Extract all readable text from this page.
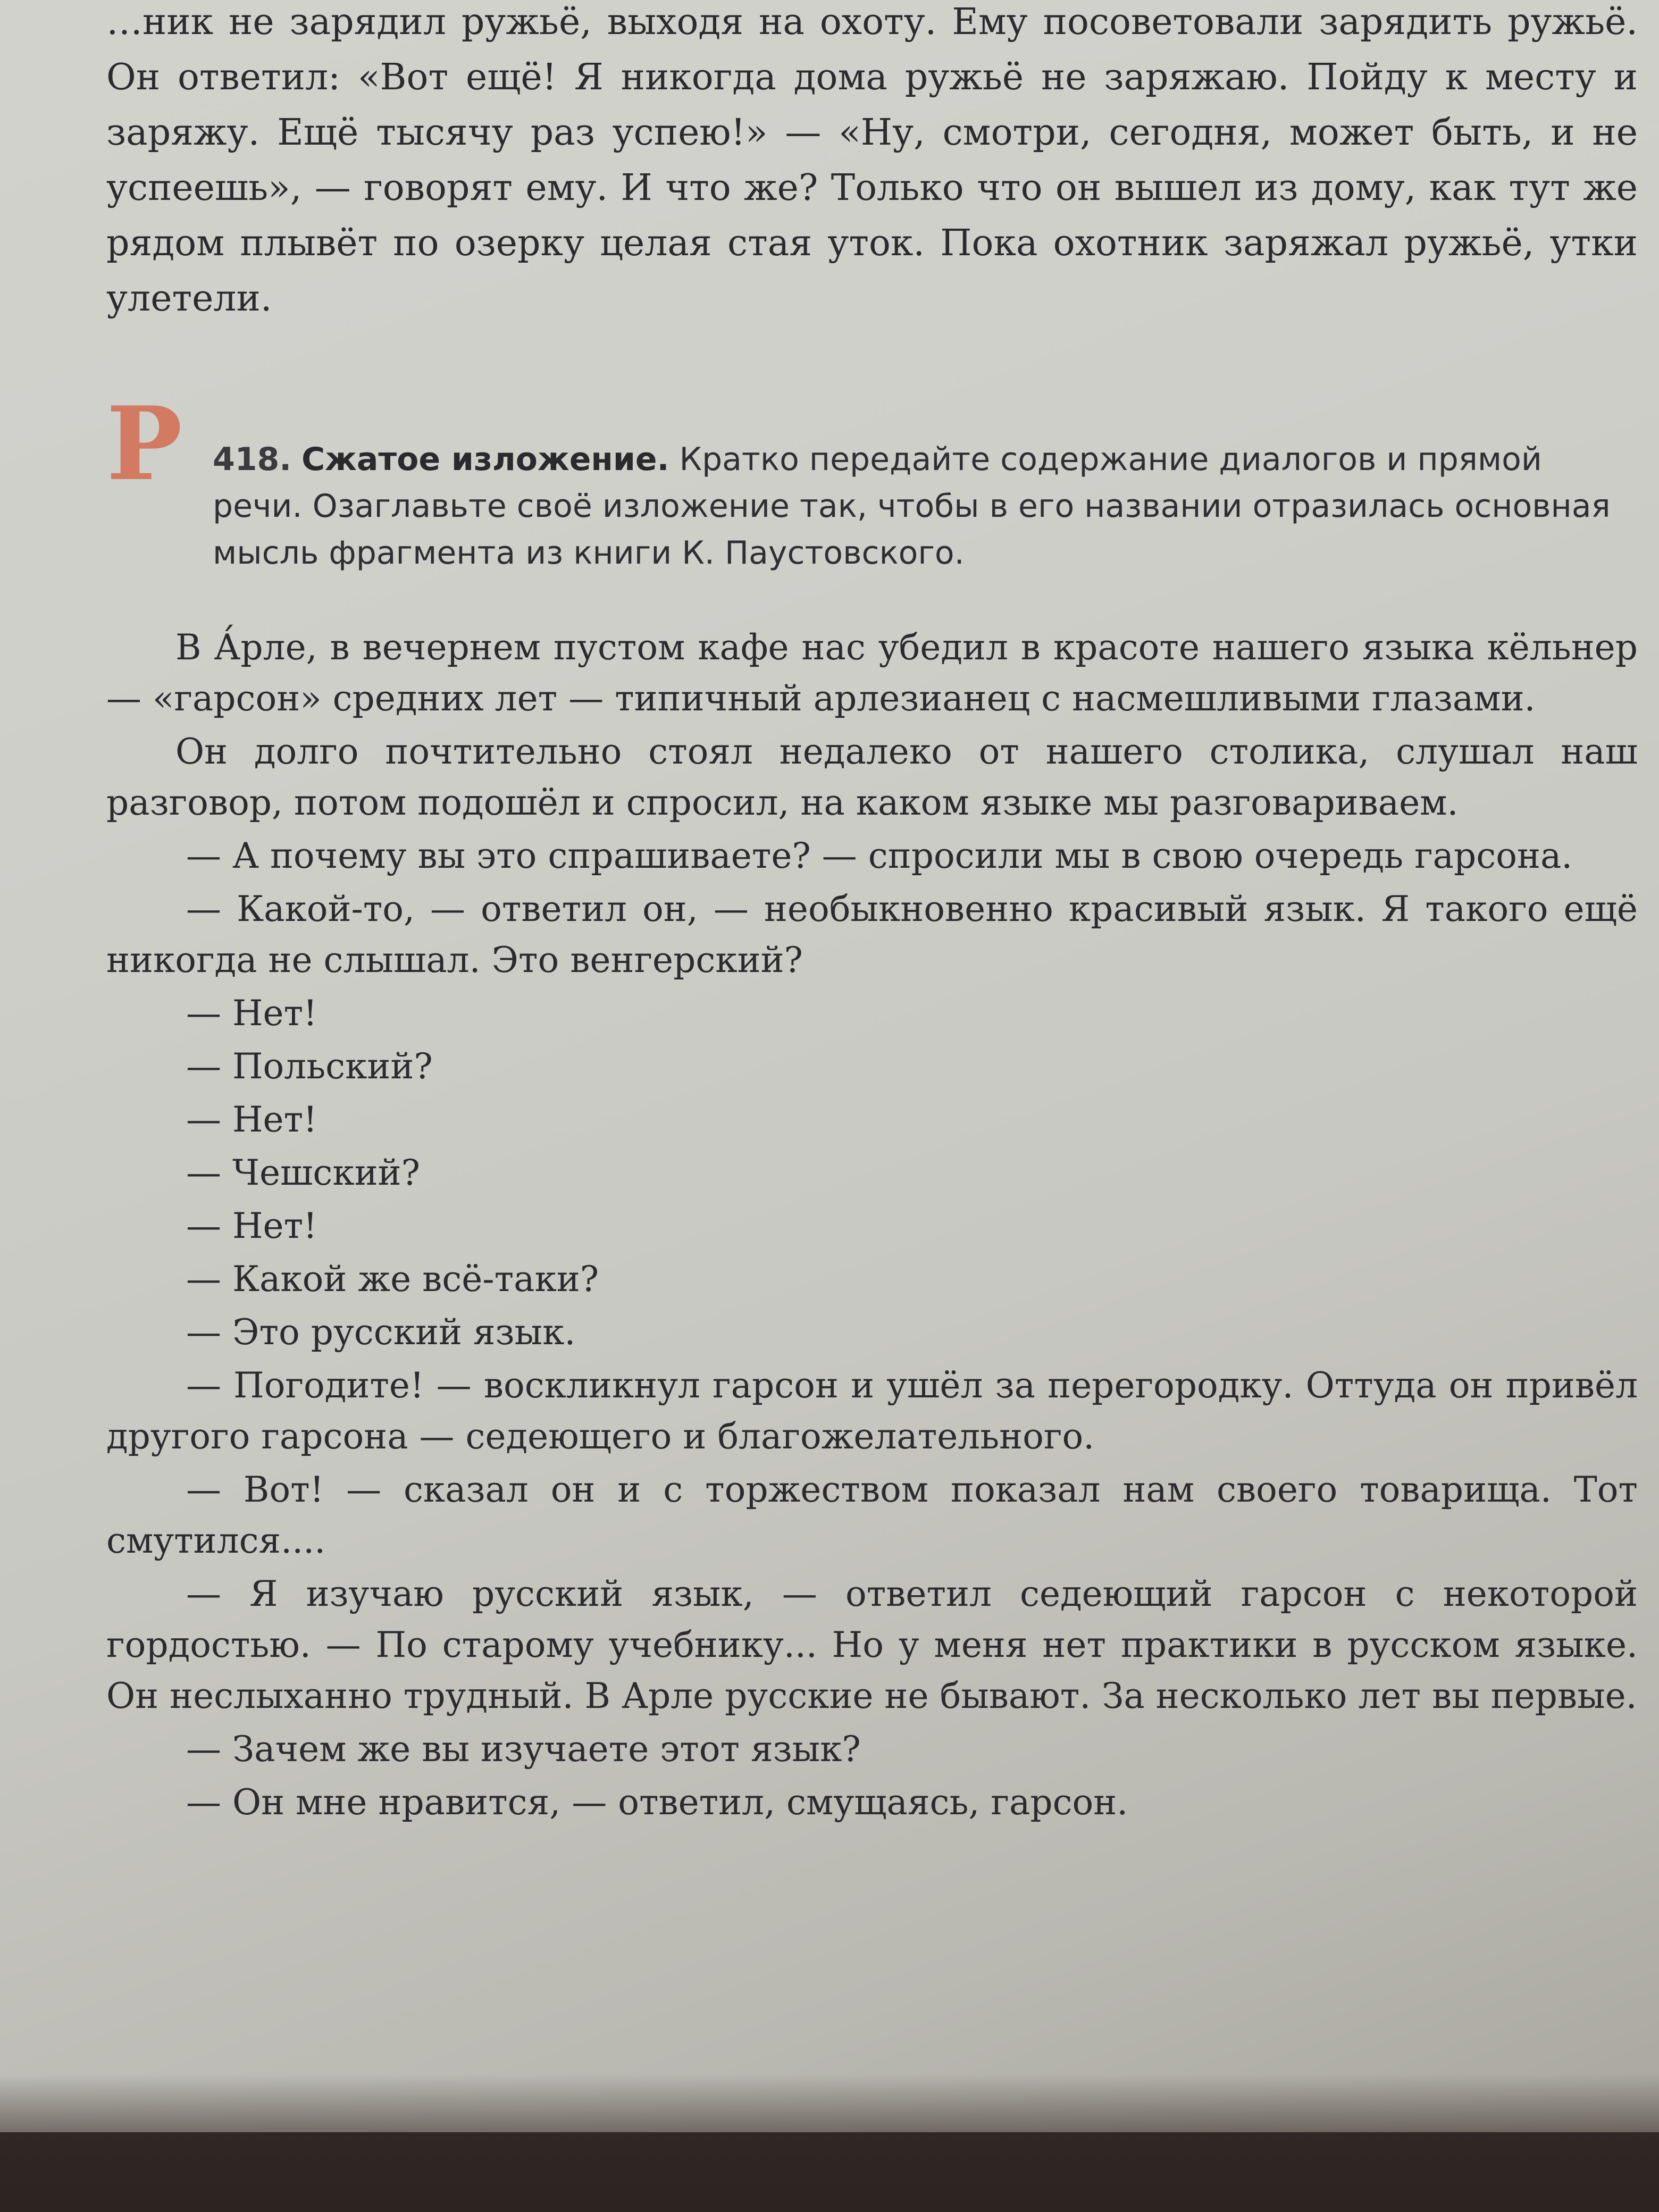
…ник не зарядил ружьё, выходя на охоту. Ему посоветовали зарядить ружьё. Он ответил: «Вот ещё! Я никогда дома ружьё не заряжаю. Пойду к месту и заряжу. Ещё тысячу раз успею!» — «Ну, смотри, сегодня, может быть, и не успеешь», — говорят ему. И что же? Только что он вышел из дому, как тут же рядом плывёт по озерку целая стая уток. Пока охотник заряжал ружьё, утки улетели.

Р 418. Сжатое изложение. Кратко передайте содержание диалогов и прямой речи. Озаглавьте своё изложение так, чтобы в его названии отразилась основная мысль фрагмента из книги К. Паустовского.

В А́рле, в вечернем пустом кафе нас убедил в красоте нашего языка кёльнер — «гарсон» средних лет — типичный арлезианец с насмешливыми глазами.

Он долго почтительно стоял недалеко от нашего столика, слушал наш разговор, потом подошёл и спросил, на каком языке мы разговариваем.

— А почему вы это спрашиваете? — спросили мы в свою очередь гарсона.

— Какой-то, — ответил он, — необыкновенно красивый язык. Я такого ещё никогда не слышал. Это венгерский?

— Нет!

— Польский?

— Нет!

— Чешский?

— Нет!

— Какой же всё-таки?

— Это русский язык.

— Погодите! — воскликнул гарсон и ушёл за перегородку. Оттуда он привёл другого гарсона — седеющего и благожелательного.

— Вот! — сказал он и с торжеством показал нам своего товарища. Тот смутился....

— Я изучаю русский язык, — ответил седеющий гарсон с некоторой гордостью. — По старому учебнику... Но у меня нет практики в русском языке. Он неслыханно трудный. В Арле русские не бывают. За несколько лет вы первые.

— Зачем же вы изучаете этот язык?

— Он мне нравится, — ответил, смущаясь, гарсон.
